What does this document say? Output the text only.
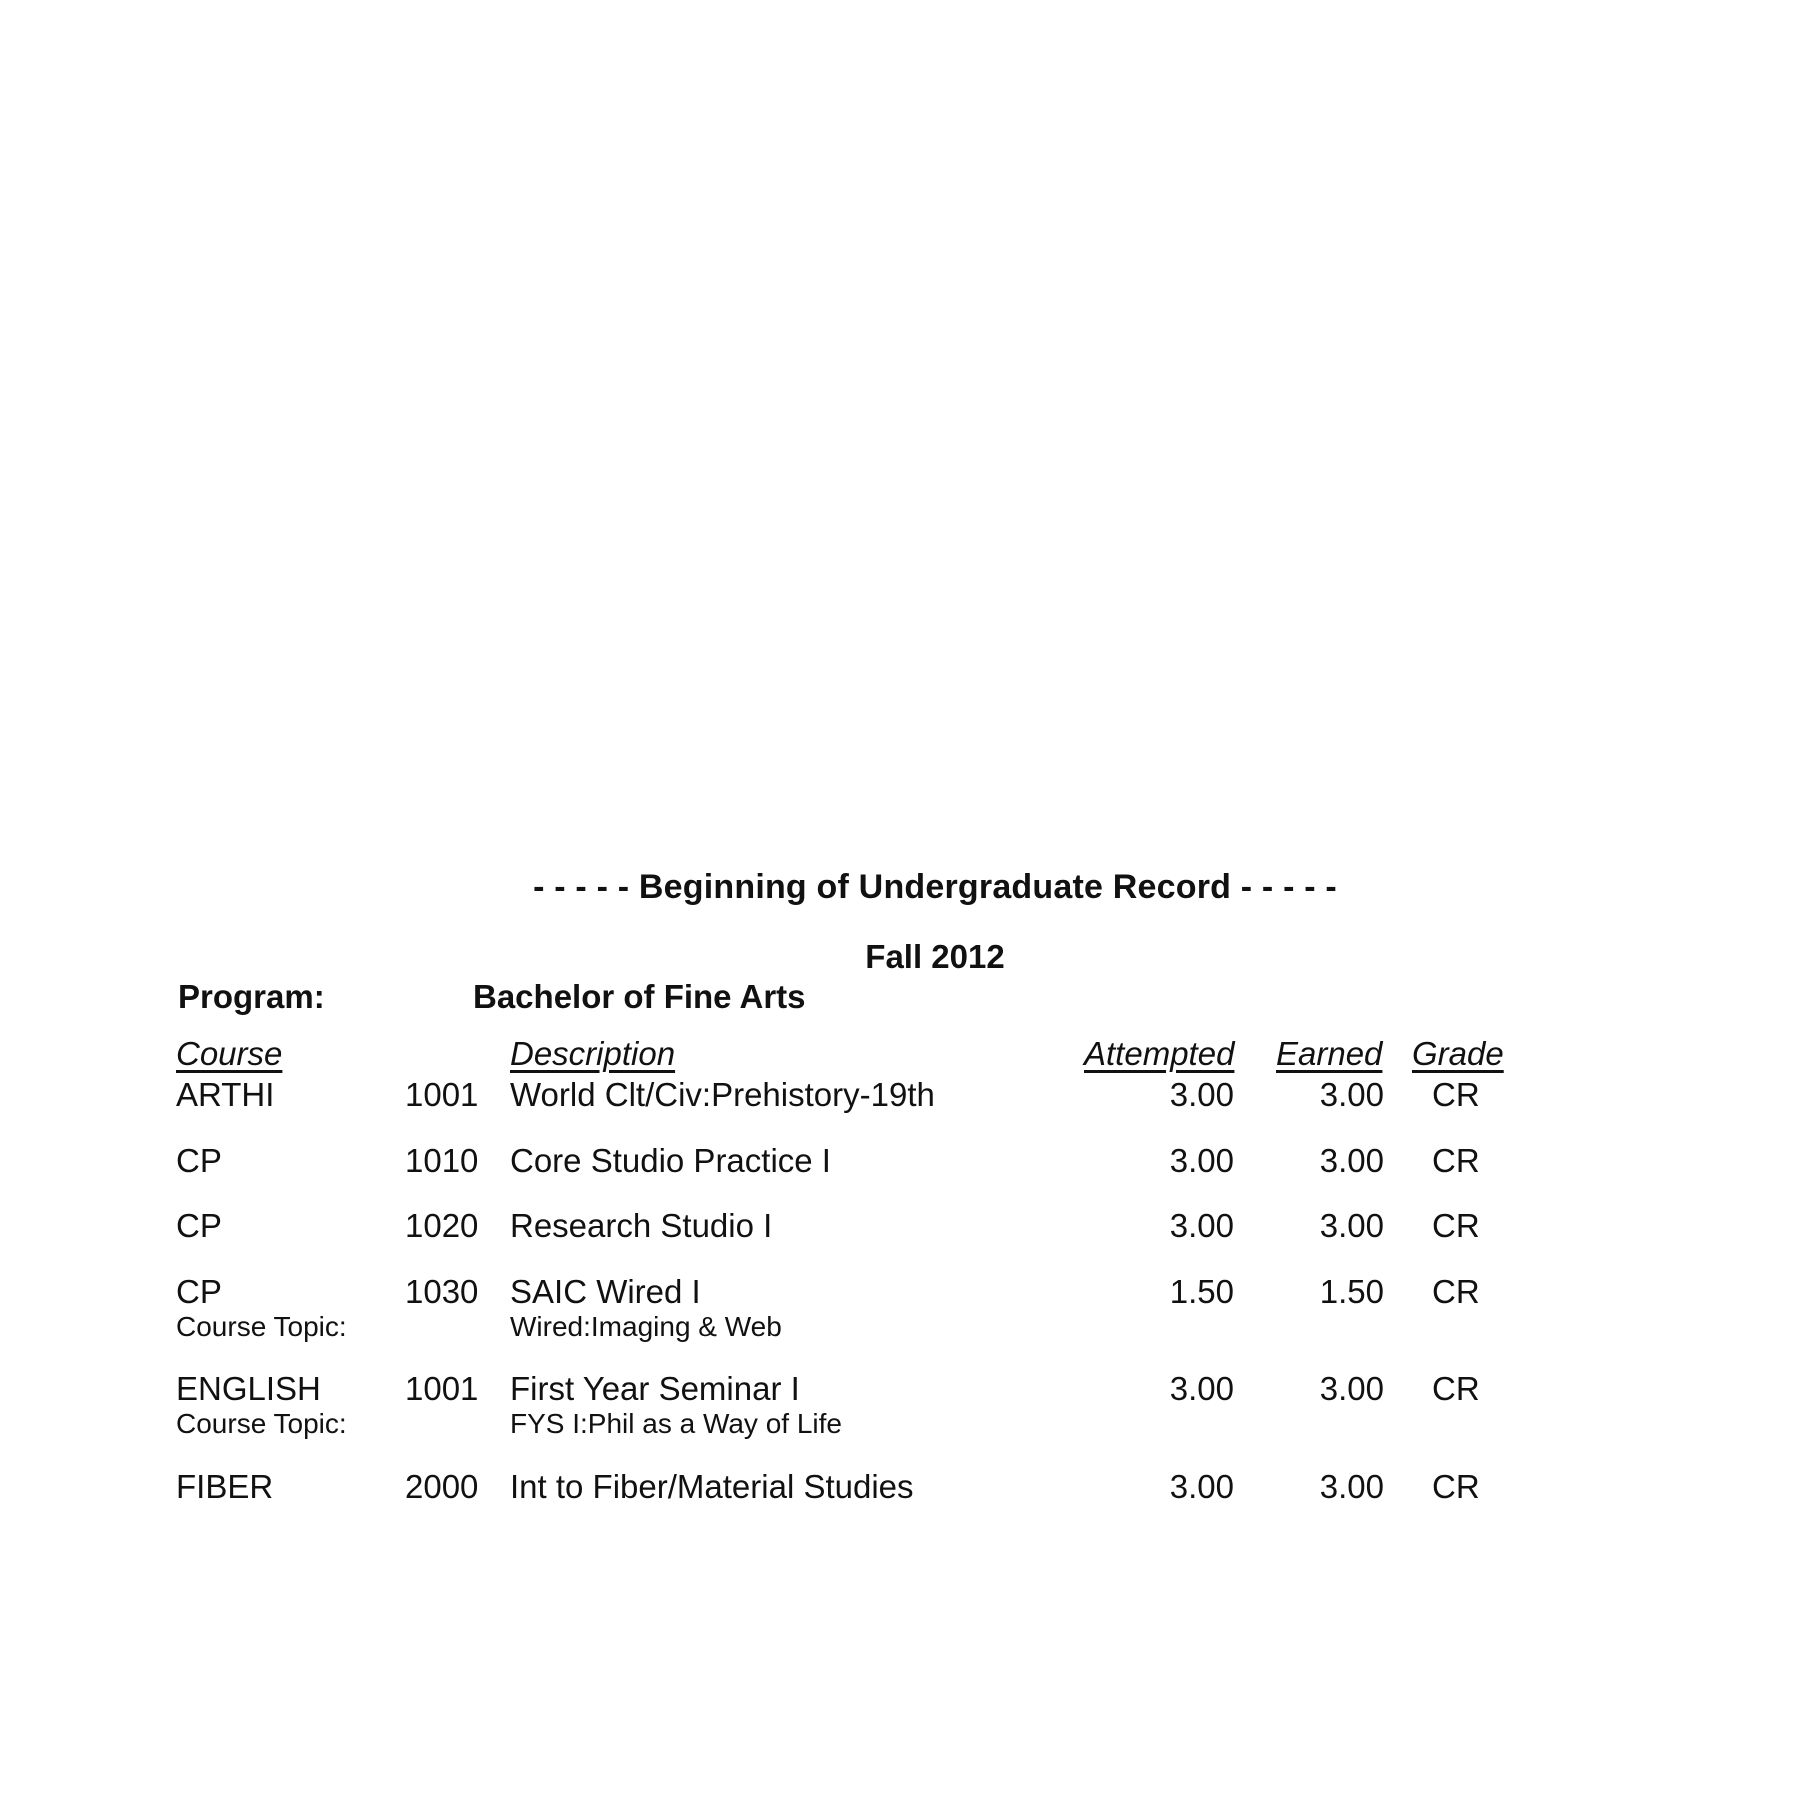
- - - - - Beginning of Undergraduate Record - - - - -
Fall 2012
Program:	Bachelor of Fine Arts
Course	Description	Attempted Earned Grade
ARTHI	1001 World Clt/Civ:Prehistory-19th	3.00	3.00 CR
CP	1010 Core Studio Practice I	3.00	3.00 CR
CP	1020 Research Studio I	3.00	3.00 CR
CP	1030 SAIC Wired I	1.50	1.50 CR
Course Topic:	Wired:Imaging & Web
ENGLISH	1001 First Year Seminar I	3.00	3.00 CR
Course Topic:	FYS I:Phil as a Way of Life
FIBER	2000 Int to Fiber/Material Studies	3.00	3.00 CR
